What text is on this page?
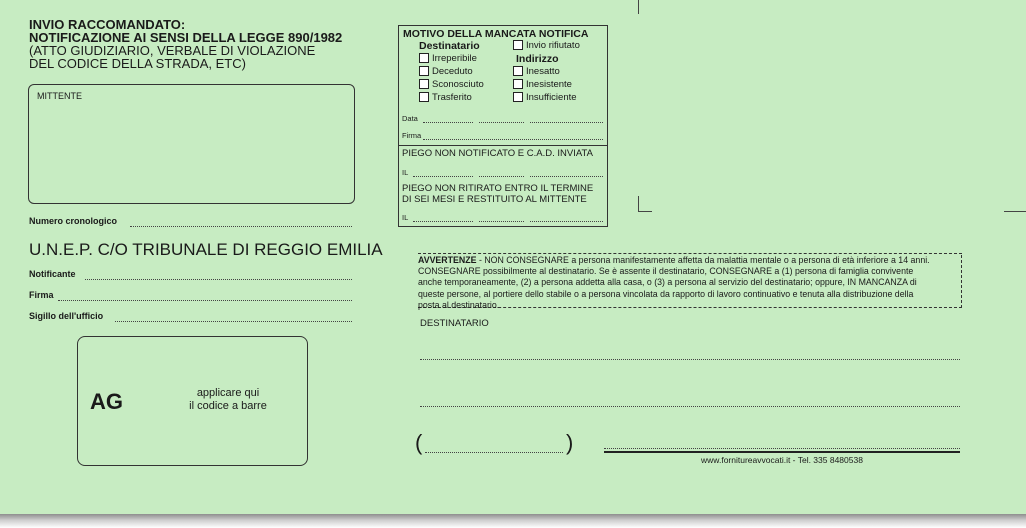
INVIO RACCOMANDATO:
NOTIFICAZIONE AI SENSI DELLA LEGGE 890/1982
(ATTO GIUDIZIARIO, VERBALE DI VIOLAZIONE
DEL CODICE DELLA STRADA, ETC)
MITTENTE
Numero cronologico
U.N.E.P. C/O TRIBUNALE DI REGGIO EMILIA
Notificante
Firma
Sigillo dell'ufficio
AG	applicare qui
il codice a barre
MOTIVO DELLA MANCATA NOTIFICA
Destinatario	Invio rifiutato
Irreperibile	Indirizzo
Deceduto	Inesatto
Sconosciuto	Inesistente
Trasferito	Insufficiente
Data
Firma
PIEGO NON NOTIFICATO E C.A.D. INVIATA
IL
PIEGO NON RITIRATO ENTRO IL TERMINE
DI SEI MESI E RESTITUITO AL MITTENTE
IL
AVVERTENZE - NON CONSEGNARE a persona manifestamente affetta da malattia mentale o a persona di età inferiore a 14 anni.
CONSEGNARE possibilmente al destinatario. Se è assente il destinatario, CONSEGNARE a (1) persona di famiglia convivente
anche temporaneamente, (2) a persona addetta alla casa, o (3) a persona al servizio del destinatario; oppure, IN MANCANZA di
queste persone, al portiere dello stabile o a persona vincolata da rapporto di lavoro continuativo e tenuta alla distribuzione della
posta al destinatario.
DESTINATARIO
(	)
www.fornitureavvocati.it - Tel. 335 8480538
